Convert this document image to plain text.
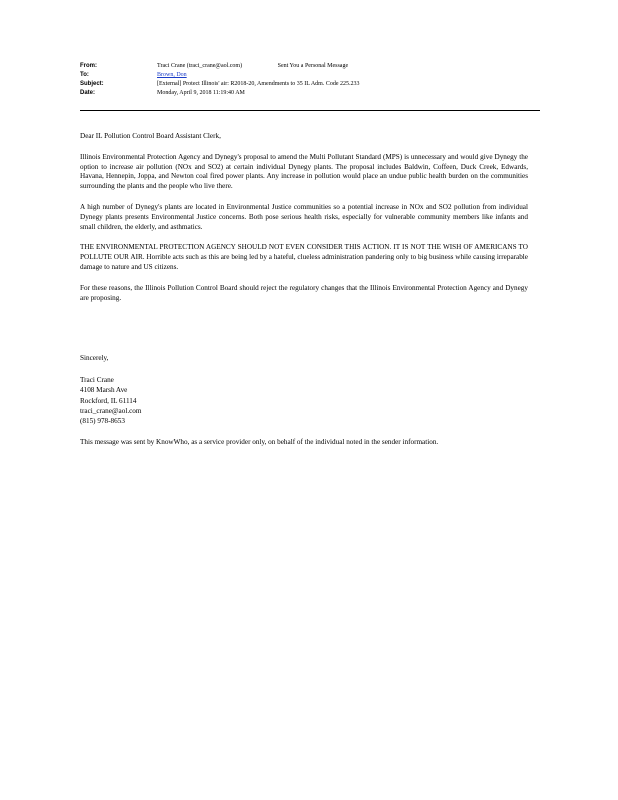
From:	Traci Crane (traci_crane@aol.com)	Sent You a Personal Message
To:	Brown, Don
Subject:	[External] Protect Illinois' air: R2018-20, Amendments to 35 IL Adm. Code 225.233
Date:	Monday, April 9, 2018 11:19:40 AM

Dear IL Pollution Control Board Assistant Clerk,

Illinois Environmental Protection Agency and Dynegy's proposal to amend the Multi Pollutant Standard (MPS) is unnecessary and would give Dynegy the option to increase air pollution (NOx and SO2) at certain individual Dynegy plants. The proposal includes Baldwin, Coffeen, Duck Creek, Edwards, Havana, Hennepin, Joppa, and Newton coal fired power plants. Any increase in pollution would place an undue public health burden on the communities surrounding the plants and the people who live there.

A high number of Dynegy's plants are located in Environmental Justice communities so a potential increase in NOx and SO2 pollution from individual Dynegy plants presents Environmental Justice concerns. Both pose serious health risks, especially for vulnerable community members like infants and small children, the elderly, and asthmatics.

THE ENVIRONMENTAL PROTECTION AGENCY SHOULD NOT EVEN CONSIDER THIS ACTION. IT IS NOT THE WISH OF AMERICANS TO POLLUTE OUR AIR. Horrible acts such as this are being led by a hateful, clueless administration pandering only to big business while causing irreparable damage to nature and US citizens.

For these reasons, the Illinois Pollution Control Board should reject the regulatory changes that the Illinois Environmental Protection Agency and Dynegy are proposing.

Sincerely,

Traci Crane

4108 Marsh Ave

Rockford, IL 61114

traci_crane@aol.com

(815) 978-8653

This message was sent by KnowWho, as a service provider only, on behalf of the individual noted in the sender information.
